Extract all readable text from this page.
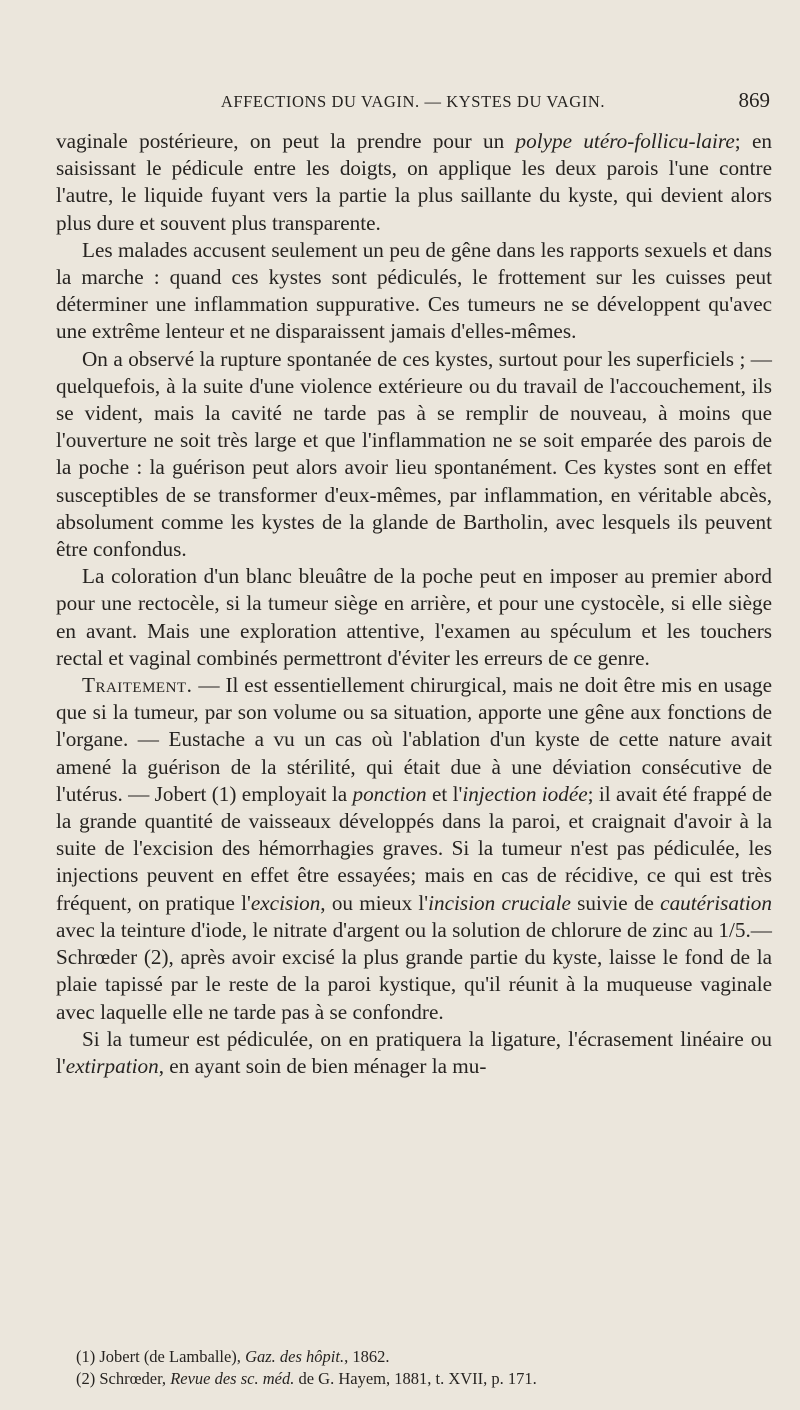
AFFECTIONS DU VAGIN. — KYSTES DU VAGIN.	869

vaginale postérieure, on peut la prendre pour un polype utéro-follicu-laire; en saisissant le pédicule entre les doigts, on applique les deux parois l'une contre l'autre, le liquide fuyant vers la partie la plus saillante du kyste, qui devient alors plus dure et souvent plus transparente.

Les malades accusent seulement un peu de gêne dans les rapports sexuels et dans la marche : quand ces kystes sont pédiculés, le frottement sur les cuisses peut déterminer une inflammation suppurative. Ces tumeurs ne se développent qu'avec une extrême lenteur et ne disparaissent jamais d'elles-mêmes.

On a observé la rupture spontanée de ces kystes, surtout pour les superficiels ; — quelquefois, à la suite d'une violence extérieure ou du travail de l'accouchement, ils se vident, mais la cavité ne tarde pas à se remplir de nouveau, à moins que l'ouverture ne soit très large et que l'inflammation ne se soit emparée des parois de la poche : la guérison peut alors avoir lieu spontanément. Ces kystes sont en effet susceptibles de se transformer d'eux-mêmes, par inflammation, en véritable abcès, absolument comme les kystes de la glande de Bartholin, avec lesquels ils peuvent être confondus.

La coloration d'un blanc bleuâtre de la poche peut en imposer au premier abord pour une rectocèle, si la tumeur siège en arrière, et pour une cystocèle, si elle siège en avant. Mais une exploration attentive, l'examen au spéculum et les touchers rectal et vaginal combinés permettront d'éviter les erreurs de ce genre.

Traitement. — Il est essentiellement chirurgical, mais ne doit être mis en usage que si la tumeur, par son volume ou sa situation, apporte une gêne aux fonctions de l'organe. — Eustache a vu un cas où l'ablation d'un kyste de cette nature avait amené la guérison de la stérilité, qui était due à une déviation consécutive de l'utérus. — Jobert (1) employait la ponction et l'injection iodée; il avait été frappé de la grande quantité de vaisseaux développés dans la paroi, et craignait d'avoir à la suite de l'excision des hémorrhagies graves. Si la tumeur n'est pas pédiculée, les injections peuvent en effet être essayées; mais en cas de récidive, ce qui est très fréquent, on pratique l'excision, ou mieux l'incision cruciale suivie de cautérisation avec la teinture d'iode, le nitrate d'argent ou la solution de chlorure de zinc au 1/5.— Schrœder (2), après avoir excisé la plus grande partie du kyste, laisse le fond de la plaie tapissé par le reste de la paroi kystique, qu'il réunit à la muqueuse vaginale avec laquelle elle ne tarde pas à se confondre.

Si la tumeur est pédiculée, on en pratiquera la ligature, l'écrasement linéaire ou l'extirpation, en ayant soin de bien ménager la mu-

(1) Jobert (de Lamballe), Gaz. des hôpit., 1862.

(2) Schrœder, Revue des sc. méd. de G. Hayem, 1881, t. XVII, p. 171.
